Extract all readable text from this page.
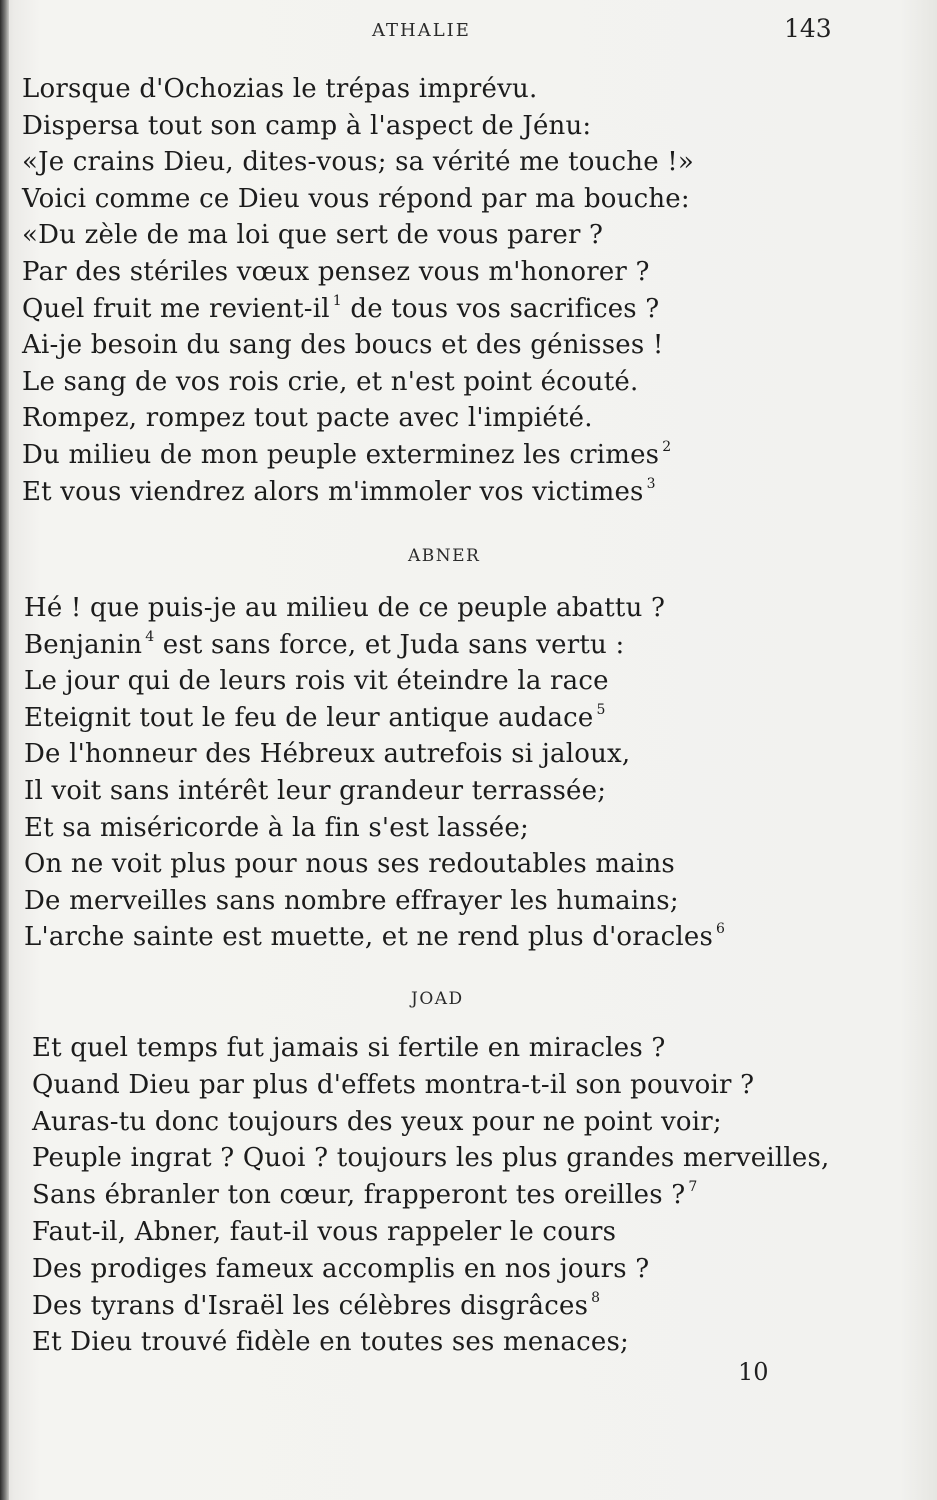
ATHALIE	143
Lorsque d'Ochozias le trépas imprévu.
Dispersa tout son camp à l'aspect de Jénu:
«Je crains Dieu, dites-vous; sa vérité me touche !»
Voici comme ce Dieu vous répond par ma bouche:
«Du zèle de ma loi que sert de vous parer ?
Par des stériles vœux pensez vous m'honorer ?
Quel fruit me revient-il $^1$ de tous vos sacrifices ?
Ai-je besoin du sang des boucs et des génisses !
Le sang de vos rois crie, et n'est point écouté.
Rompez, rompez tout pacte avec l'impiété.
Du milieu de mon peuple exterminez les crimes $^2$
Et vous viendrez alors m'immoler vos victimes $^3$
ABNER
Hé ! que puis-je au milieu de ce peuple abattu ?
Benjanin $^4$ est sans force, et Juda sans vertu :
Le jour qui de leurs rois vit éteindre la race
Eteignit tout le feu de leur antique audace $^5$
De l'honneur des Hébreux autrefois si jaloux,
Il voit sans intérêt leur grandeur terrassée;
Et sa miséricorde à la fin s'est lassée;
On ne voit plus pour nous ses redoutables mains
De merveilles sans nombre effrayer les humains;
L'arche sainte est muette, et ne rend plus d'oracles $^6$
JOAD
Et quel temps fut jamais si fertile en miracles ?
Quand Dieu par plus d'effets montra-t-il son pouvoir ?
Auras-tu donc toujours des yeux pour ne point voir;
Peuple ingrat ? Quoi ? toujours les plus grandes merveilles,
Sans ébranler ton cœur, frapperont tes oreilles ? $^7$
Faut-il, Abner, faut-il vous rappeler le cours
Des prodiges fameux accomplis en nos jours ?
Des tyrans d'Israël les célèbres disgrâces $^8$
Et Dieu trouvé fidèle en toutes ses menaces;
10
